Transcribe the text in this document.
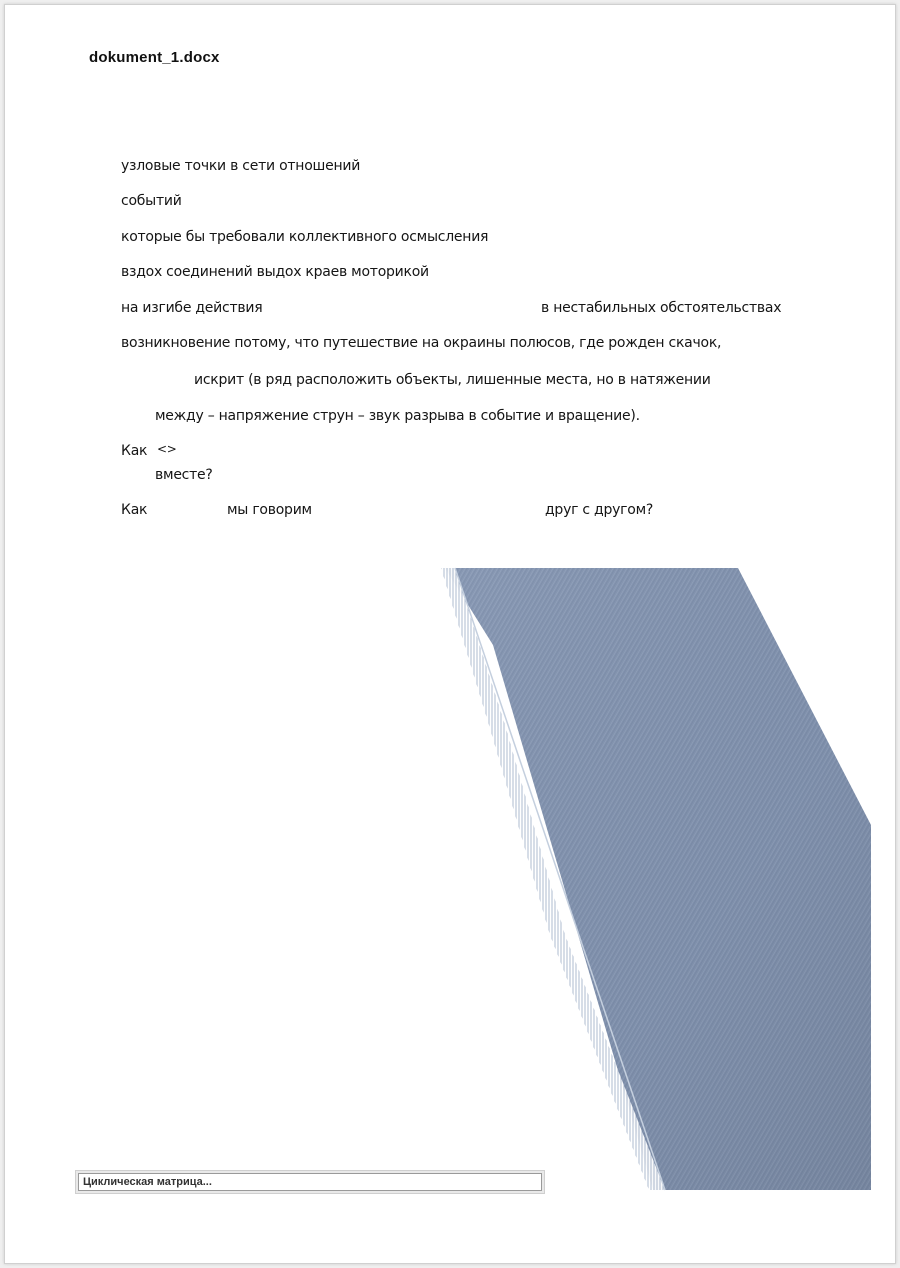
dokument_1.docx
узловые точки в сети отношений
событий
которые бы требовали коллективного осмысления
вздох соединений выдох краев моторикой
на изгибе действия	в нестабильных обстоятельствах
возникновение потому, что путешествие на окраины полюсов, где рожден скачок,
искрит (в ряд расположить объекты, лишенные места, но в натяжении
между – напряжение струн – звук разрыва в событие и вращение).
Как <>
вместе?
Как	мы говорим	друг с другом?
Циклическая матрица...
